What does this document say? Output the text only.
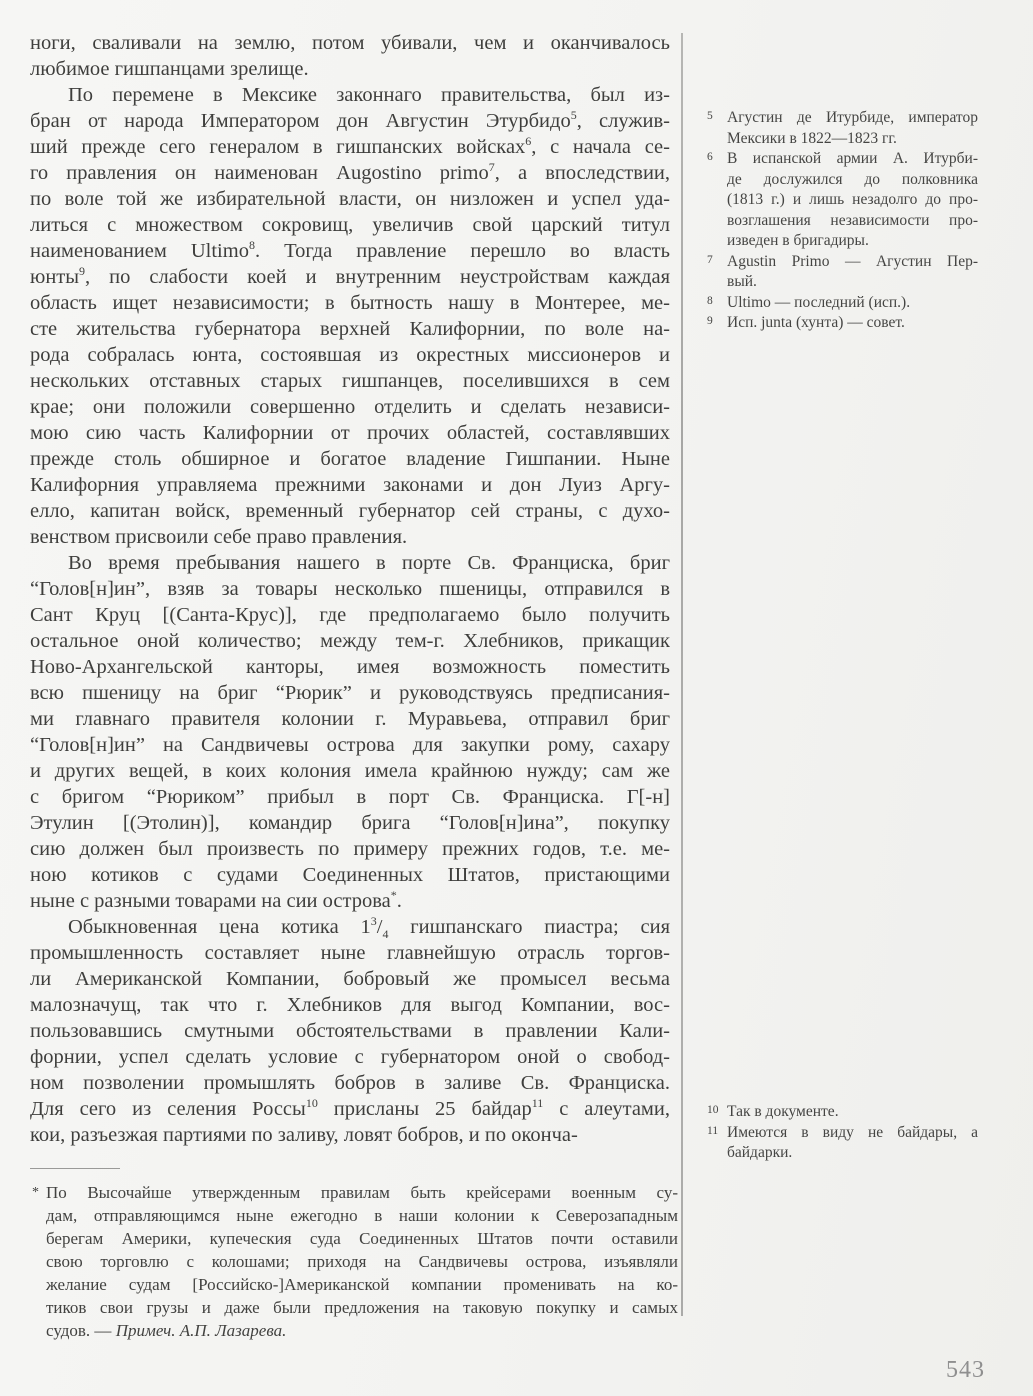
ноги, сваливали на землю, потом убивали, чем и оканчивалось
любимое гишпанцами зрелище.
По перемене в Мексике законнаго правительства, был из-
бран от народа Императором дон Августин Этурбидо$^5$, служив-
ший прежде сего генералом в гишпанских войсках$^6$, с начала се-
го правления он наименован Augostino primo$^7$, а впоследствии,
по воле той же избирательной власти, он низложен и успел уда-
литься с множеством сокровищ, увеличив свой царский титул
наименованием Ultimo$^8$. Тогда правление перешло во власть
юнты$^9$, по слабости коей и внутренним неустройствам каждая
область ищет независимости; в бытность нашу в Монтерее, ме-
сте жительства губернатора верхней Калифорнии, по воле на-
рода собралась юнта, состоявшая из окрестных миссионеров и
нескольких отставных старых гишпанцев, поселившихся в сем
крае; они положили совершенно отделить и сделать независи-
мою сию часть Калифорнии от прочих областей, составлявших
прежде столь обширное и богатое владение Гишпании. Ныне
Калифорния управляема прежними законами и дон Луиз Аргу-
елло, капитан войск, временный губернатор сей страны, с духо-
венством присвоили себе право правления.
Во время пребывания нашего в порте Св. Франциска, бриг
“Голов[н]ин”, взяв за товары несколько пшеницы, отправился в
Сант Круц [(Санта-Крус)], где предполагаемо было получить
остальное оной количество; между тем-г. Хлебников, прикащик
Ново-Архангельской канторы, имея возможность поместить
всю пшеницу на бриг “Рюрик” и руководствуясь предписания-
ми главнаго правителя колонии г. Муравьева, отправил бриг
“Голов[н]ин” на Сандвичевы острова для закупки рому, сахару
и других вещей, в коих колония имела крайнюю нужду; сам же
с бригом “Рюриком” прибыл в порт Св. Франциска. Г[-н]
Этулин [(Этолин)], командир брига “Голов[н]ина”, покупку
сию должен был произвесть по примеру прежних годов, т.е. ме-
ною котиков с судами Соединенных Штатов, пристающими
ныне с разными товарами на сии острова*.
Обыкновенная цена котика $1^3/_4$ гишпанскаго пиастра; сия
промышленность составляет ныне главнейшую отрасль торгов-
ли Американской Компании, бобровый же промысел весьма
малозначущ, так что г. Хлебников для выгод Компании, вос-
пользовавшись смутными обстоятельствами в правлении Кали-
форнии, успел сделать условие с губернатором оной о свобод-
ном позволении промышлять бобров в заливе Св. Франциска.
Для сего из селения Россы$^{10}$ присланы 25 байдар$^{11}$ с алеутами,
кои, разъезжая партиями по заливу, ловят бобров, и по оконча-
5 Агустин де Итурбиде, император
Мексики в 1822—1823 гг.
6 В испанской армии А. Итурби-
де дослужился до полковника
(1813 г.) и лишь незадолго до про-
возглашения независимости про-
изведен в бригадиры.
7 Agustin Primo — Агустин Пер-
вый.
8 Ultimo — последний (исп.).
9 Исп. junta (хунта) — совет.
10 Так в документе.
11 Имеются в виду не байдары, а
байдарки.
* По Высочайше утвержденным правилам быть крейсерами военным су-
дам, отправляющимся ныне ежегодно в наши колонии к Северозападным
берегам Америки, купеческия суда Соединенных Штатов почти оставили
свою торговлю с колошами; приходя на Сандвичевы острова, изъявляли
желание судам [Российско-]Американской компании променивать на ко-
тиков свои грузы и даже были предложения на таковую покупку и самых
судов. — Примеч. А.П. Лазарева.
543
